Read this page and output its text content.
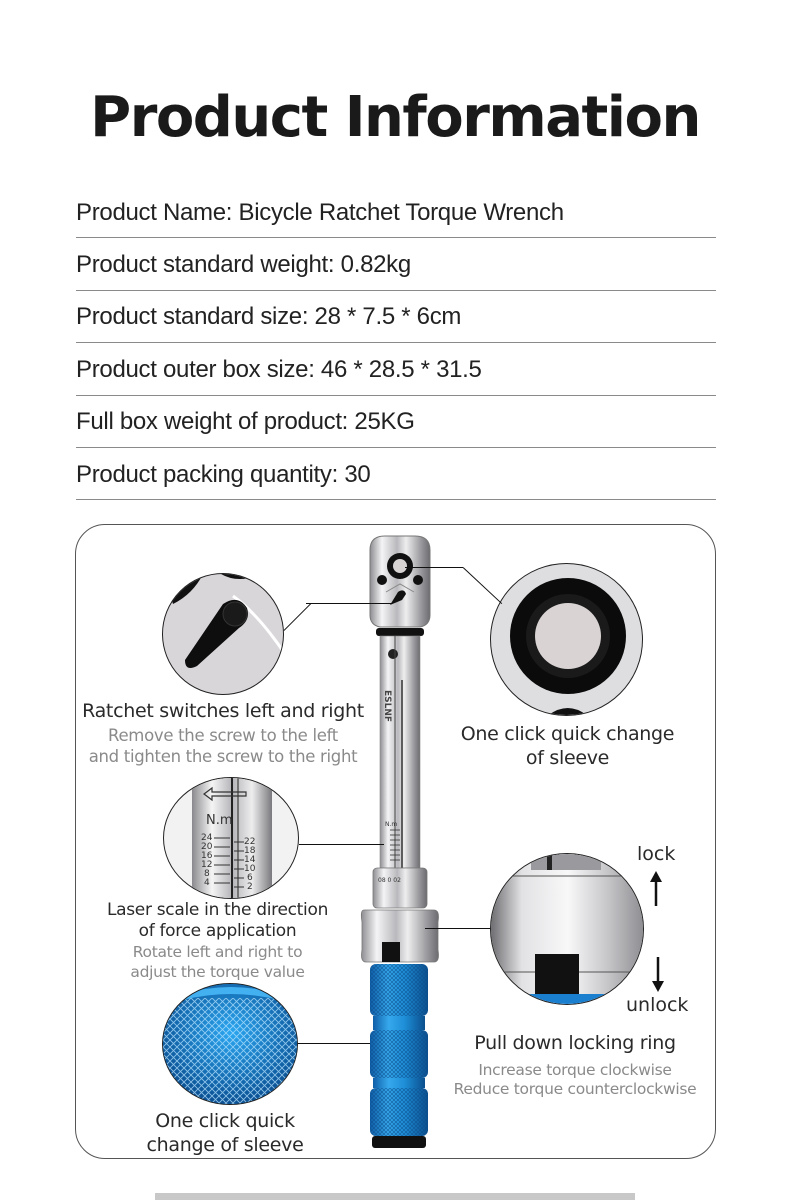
Product Information
Product Name: Bicycle Ratchet Torque Wrench
Product standard weight: 0.82kg
Product standard size: 28 * 7.5 * 6cm
Product outer box size: 46 * 28.5 * 31.5
Full box weight of product: 25KG
Product packing quantity: 30
ESLNF
N.m
08 0 02
Ratchet switches left and right
Remove the screw to the left
and tighten the screw to the right
One click quick change
of sleeve
N.m
24
20
16
12
8
4
22
18
14
10
6
2
Laser scale in the direction
of force application
Rotate left and right to
adjust the torque value
lock
unlock
Pull down locking ring
Increase torque clockwise
Reduce torque counterclockwise
One click quick
change of sleeve
